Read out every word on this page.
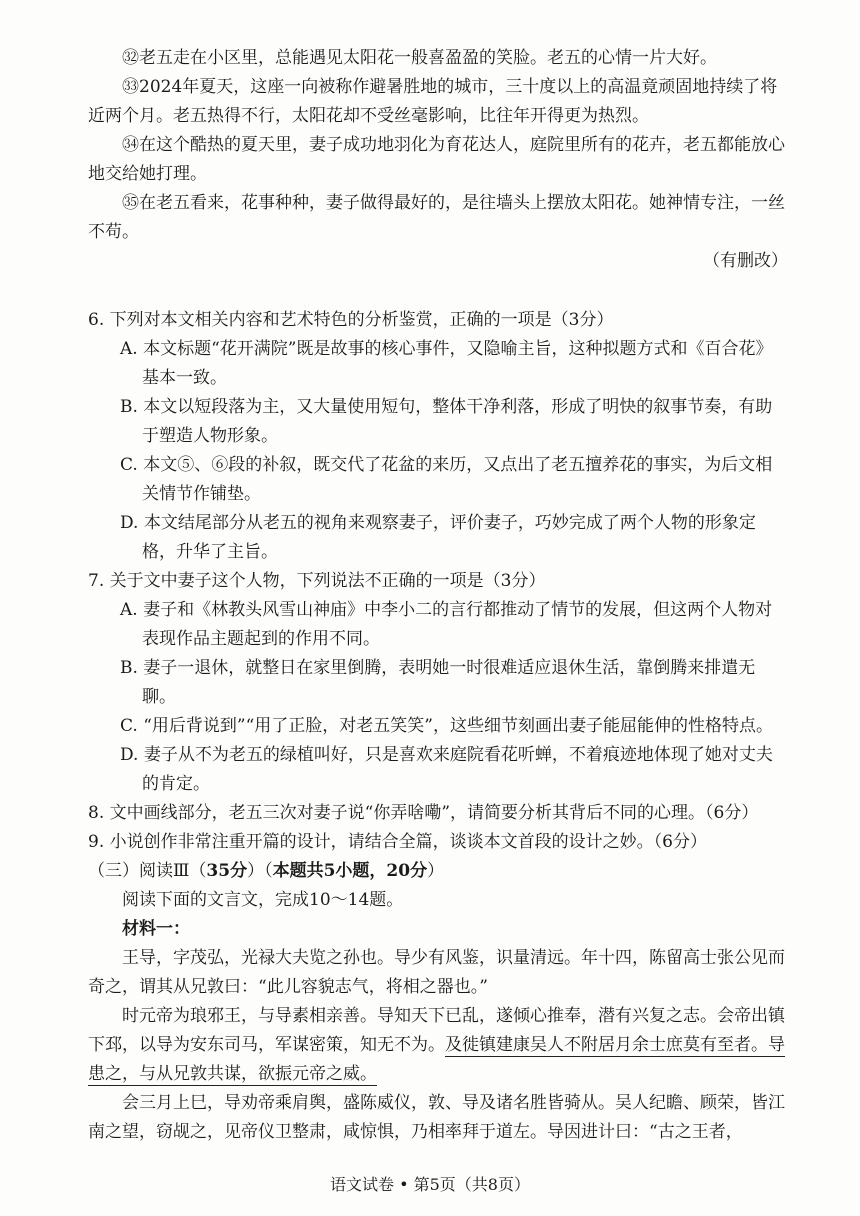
㉜老五走在小区里，总能遇见太阳花一般喜盈盈的笑脸。老五的心情一片大好。

㉝2024年夏天，这座一向被称作避暑胜地的城市，三十度以上的高温竟顽固地持续了将近两个月。老五热得不行，太阳花却不受丝毫影响，比往年开得更为热烈。

㉞在这个酷热的夏天里，妻子成功地羽化为育花达人，庭院里所有的花卉，老五都能放心地交给她打理。

㉟在老五看来，花事种种，妻子做得最好的，是往墙头上摆放太阳花。她神情专注，一丝不苟。

（有删改）

6. 下列对本文相关内容和艺术特色的分析鉴赏，正确的一项是（3分）

A. 本文标题“花开满院”既是故事的核心事件，又隐喻主旨，这种拟题方式和《百合花》基本一致。

B. 本文以短段落为主，又大量使用短句，整体干净利落，形成了明快的叙事节奏，有助于塑造人物形象。

C. 本文⑤、⑥段的补叙，既交代了花盆的来历，又点出了老五擅养花的事实，为后文相关情节作铺垫。

D. 本文结尾部分从老五的视角来观察妻子，评价妻子，巧妙完成了两个人物的形象定格，升华了主旨。

7. 关于文中妻子这个人物，下列说法不正确的一项是（3分）

A. 妻子和《林教头风雪山神庙》中李小二的言行都推动了情节的发展，但这两个人物对表现作品主题起到的作用不同。

B. 妻子一退休，就整日在家里倒腾，表明她一时很难适应退休生活，靠倒腾来排遣无聊。

C. “用后背说到”“用了正脸，对老五笑笑”，这些细节刻画出妻子能屈能伸的性格特点。

D. 妻子从不为老五的绿植叫好，只是喜欢来庭院看花听蝉，不着痕迹地体现了她对丈夫的肯定。

8. 文中画线部分，老五三次对妻子说“你弄啥嘞”，请简要分析其背后不同的心理。（6分）

9. 小说创作非常注重开篇的设计，请结合全篇，谈谈本文首段的设计之妙。（6分）

（三）阅读Ⅲ（35分）（本题共5小题，20分）

阅读下面的文言文，完成10～14题。

材料一：

王导，字茂弘，光禄大夫览之孙也。导少有风鉴，识量清远。年十四，陈留高士张公见而奇之，谓其从兄敦曰：“此儿容貌志气，将相之器也。”

时元帝为琅邪王，与导素相亲善。导知天下已乱，遂倾心推奉，潜有兴复之志。会帝出镇下邳，以导为安东司马，军谋密策，知无不为。及徙镇建康吴人不附居月余士庶莫有至者。导患之，与从兄敦共谋，欲振元帝之威。

会三月上巳，导劝帝乘肩舆，盛陈威仪，敦、导及诸名胜皆骑从。吴人纪瞻、顾荣，皆江南之望，窃觇之，见帝仪卫整肃，咸惊惧，乃相率拜于道左。导因进计曰：“古之王者，

语文试卷 • 第5页（共8页）
